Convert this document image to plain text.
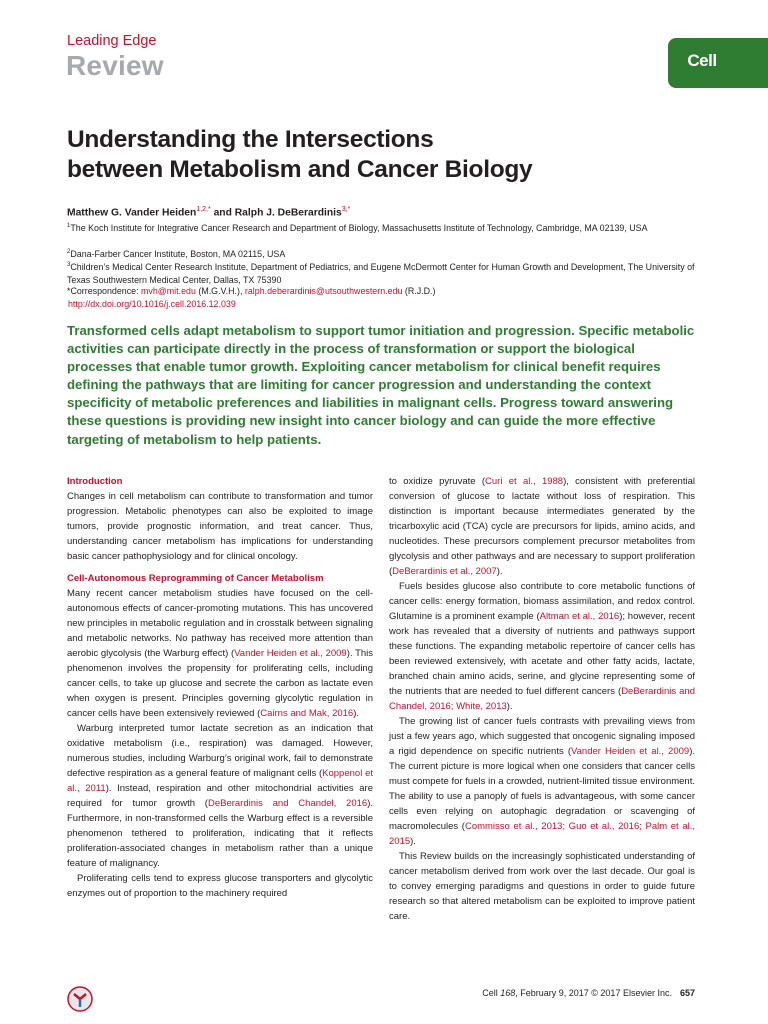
Leading Edge
Review	Cell
Understanding the Intersections
between Metabolism and Cancer Biology
Matthew G. Vander Heiden$^{1,2,*}$ and Ralph J. DeBerardinis$^{3,*}$
$^1$The Koch Institute for Integrative Cancer Research and Department of Biology, Massachusetts Institute of Technology, Cambridge, MA 02139, USA
$^2$Dana-Farber Cancer Institute, Boston, MA 02115, USA
$^3$Children’s Medical Center Research Institute, Department of Pediatrics, and Eugene McDermott Center for Human Growth and Development, The University of Texas Southwestern Medical Center, Dallas, TX 75390
*Correspondence: mvh@mit.edu (M.G.V.H.), ralph.deberardinis@utsouthwestern.edu (R.J.D.)
http://dx.doi.org/10.1016/j.cell.2016.12.039
Transformed cells adapt metabolism to support tumor initiation and progression. Specific metabolic activities can participate directly in the process of transformation or support the biological processes that enable tumor growth. Exploiting cancer metabolism for clinical benefit requires defining the pathways that are limiting for cancer progression and understanding the context specificity of metabolic preferences and liabilities in malignant cells. Progress toward answering these questions is providing new insight into cancer biology and can guide the more effective targeting of metabolism to help patients.
Introduction

Changes in cell metabolism can contribute to transformation and tumor progression. Metabolic phenotypes can also be exploited to image tumors, provide prognostic information, and treat cancer. Thus, understanding cancer metabolism has implications for understanding basic cancer pathophysiology and for clinical oncology.

Cell-Autonomous Reprogramming of Cancer Metabolism

Many recent cancer metabolism studies have focused on the cell-autonomous effects of cancer-promoting mutations. This has uncovered new principles in metabolic regulation and in crosstalk between signaling and metabolic networks. No pathway has received more attention than aerobic glycolysis (the Warburg effect) (Vander Heiden et al., 2009). This phenomenon involves the propensity for proliferating cells, including cancer cells, to take up glucose and secrete the carbon as lactate even when oxygen is present. Principles governing glycolytic regulation in cancer cells have been extensively reviewed (Cairns and Mak, 2016).

Warburg interpreted tumor lactate secretion as an indication that oxidative metabolism (i.e., respiration) was damaged. However, numerous studies, including Warburg’s original work, fail to demonstrate defective respiration as a general feature of malignant cells (Koppenol et al., 2011). Instead, respiration and other mitochondrial activities are required for tumor growth (DeBerardinis and Chandel, 2016). Furthermore, in non-transformed cells the Warburg effect is a reversible phenomenon tethered to proliferation, indicating that it reflects proliferation-associated changes in metabolism rather than a unique feature of malignancy.

Proliferating cells tend to express glucose transporters and glycolytic enzymes out of proportion to the machinery required

to oxidize pyruvate (Curi et al., 1988), consistent with preferential conversion of glucose to lactate without loss of respiration. This distinction is important because intermediates generated by the tricarboxylic acid (TCA) cycle are precursors for lipids, amino acids, and nucleotides. These precursors complement precursor metabolites from glycolysis and other pathways and are necessary to support proliferation (DeBerardinis et al., 2007).

Fuels besides glucose also contribute to core metabolic functions of cancer cells: energy formation, biomass assimilation, and redox control. Glutamine is a prominent example (Altman et al., 2016); however, recent work has revealed that a diversity of nutrients and pathways support these functions. The expanding metabolic repertoire of cancer cells has been reviewed extensively, with acetate and other fatty acids, lactate, branched chain amino acids, serine, and glycine representing some of the nutrients that are needed to fuel different cancers (DeBerardinis and Chandel, 2016; White, 2013).

The growing list of cancer fuels contrasts with prevailing views from just a few years ago, which suggested that oncogenic signaling imposed a rigid dependence on specific nutrients (Vander Heiden et al., 2009). The current picture is more logical when one considers that cancer cells must compete for fuels in a crowded, nutrient-limited tissue environment. The ability to use a panoply of fuels is advantageous, with some cancer cells even relying on autophagic degradation or scavenging of macromolecules (Commisso et al., 2013; Guo et al., 2016; Palm et al., 2015).

This Review builds on the increasingly sophisticated understanding of cancer metabolism derived from work over the last decade. Our goal is to convey emerging paradigms and questions in order to guide future research so that altered metabolism can be exploited to improve patient care.

Cell 168, February 9, 2017 © 2017 Elsevier Inc. 657
